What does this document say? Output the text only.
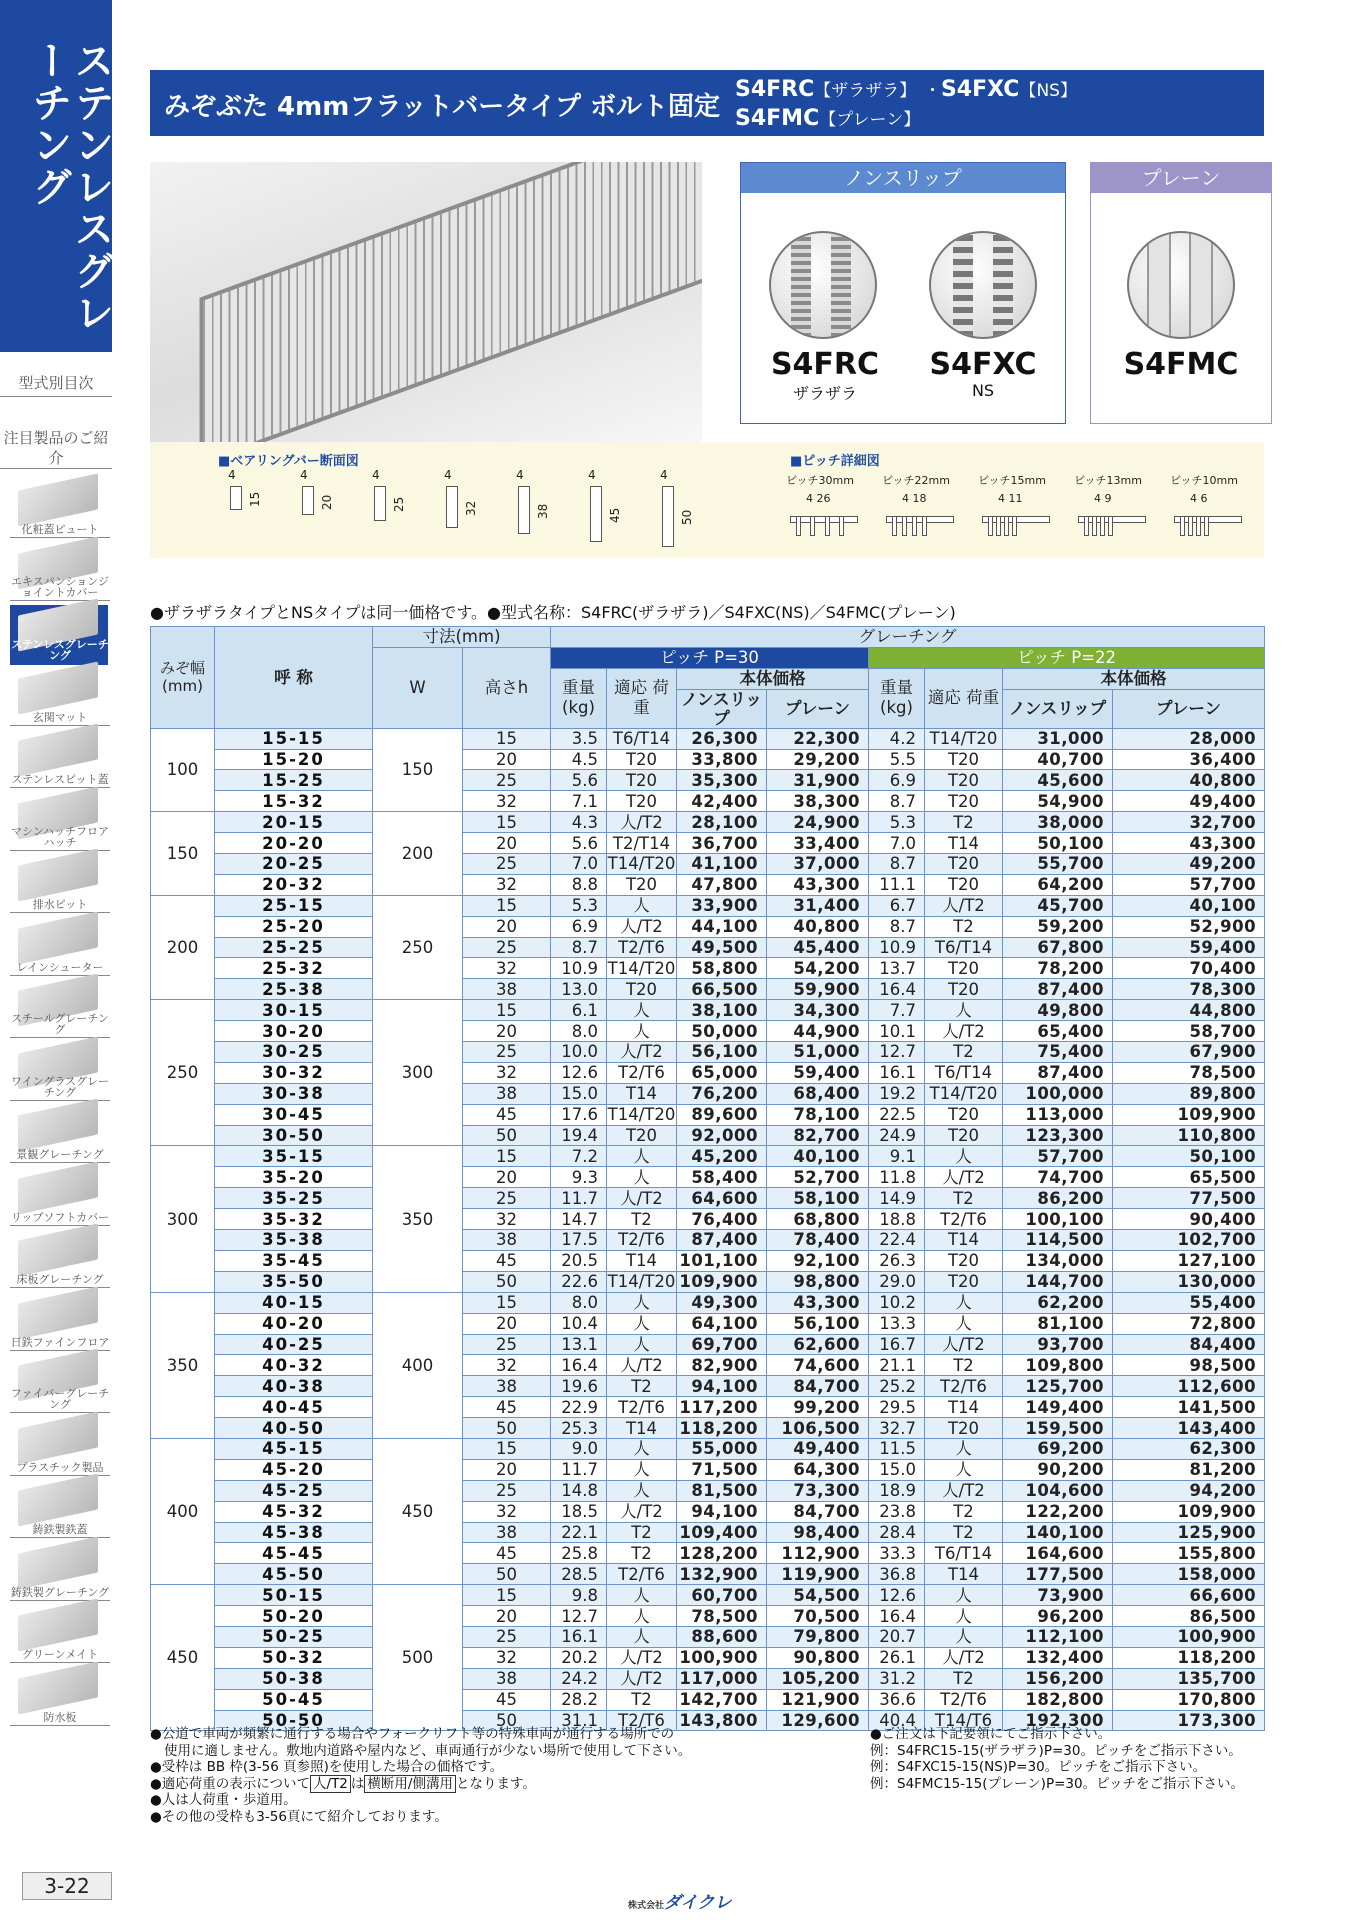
ステンレスグレーチング
型式別目次
注目製品のご紹介
化粧蓋ピュート
エキスパンションジョイントカバー
ステンレスグレーチング
玄関マット
ステンレスピット蓋
マシンハッチフロアハッチ
排水ピット
レインシューター
スチールグレーチング
ワイングラスグレーチング
景観グレーチング
リップソフトカバー
床板グレーチング
日鉄ファインフロア
ファイバーグレーチング
プラスチック製品
鋳鉄製鉄蓋
鋳鉄製グレーチング
グリーンメイト
防水板
3-22
みぞぶた 4mmフラットバータイプ ボルト固定
S4FRC【ザラザラ】 ・S4FXC【NS】
S4FMC【プレーン】
ノンスリップ
S4FRC
ザラザラ
S4FXC
NS
プレーン
S4FMC
■ベアリングバー断面図
4
15
4
20
4
25
4
32
4
38
4
45
4
50
■ピッチ詳細図
ピッチ30mm
4 26
ピッチ22mm
4 18
ピッチ15mm
4 11
ピッチ13mm
4 9
ピッチ10mm
4 6
●ザラザラタイプとNSタイプは同一価格です。●型式名称：S4FRC(ザラザラ)／S4FXC(NS)／S4FMC(プレーン)
みぞ幅 (mm)	呼 称	寸法(mm)		グレーチング							
		W	高さh	ピッチ P=30				ピッチ P=22			
				重量 (kg)	適応 荷重	本体価格		重量 (kg)	適応 荷重	本体価格	
						ノンスリップ	プレーン			ノンスリップ	プレーン
100	15-15	150	15	3.5	T6/T14	26,300	22,300	4.2	T14/T20	31,000	28,000
	15-20		20	4.5	T20	33,800	29,200	5.5	T20	40,700	36,400
	15-25		25	5.6	T20	35,300	31,900	6.9	T20	45,600	40,800
	15-32		32	7.1	T20	42,400	38,300	8.7	T20	54,900	49,400
150	20-15	200	15	4.3	人/T2	28,100	24,900	5.3	T2	38,000	32,700
	20-20		20	5.6	T2/T14	36,700	33,400	7.0	T14	50,100	43,300
	20-25		25	7.0	T14/T20	41,100	37,000	8.7	T20	55,700	49,200
	20-32		32	8.8	T20	47,800	43,300	11.1	T20	64,200	57,700
200	25-15	250	15	5.3	人	33,900	31,400	6.7	人/T2	45,700	40,100
	25-20		20	6.9	人/T2	44,100	40,800	8.7	T2	59,200	52,900
	25-25		25	8.7	T2/T6	49,500	45,400	10.9	T6/T14	67,800	59,400
	25-32		32	10.9	T14/T20	58,800	54,200	13.7	T20	78,200	70,400
	25-38		38	13.0	T20	66,500	59,900	16.4	T20	87,400	78,300
250	30-15	300	15	6.1	人	38,100	34,300	7.7	人	49,800	44,800
	30-20		20	8.0	人	50,000	44,900	10.1	人/T2	65,400	58,700
	30-25		25	10.0	人/T2	56,100	51,000	12.7	T2	75,400	67,900
	30-32		32	12.6	T2/T6	65,000	59,400	16.1	T6/T14	87,400	78,500
	30-38		38	15.0	T14	76,200	68,400	19.2	T14/T20	100,000	89,800
	30-45		45	17.6	T14/T20	89,600	78,100	22.5	T20	113,000	109,900
	30-50		50	19.4	T20	92,000	82,700	24.9	T20	123,300	110,800
300	35-15	350	15	7.2	人	45,200	40,100	9.1	人	57,700	50,100
	35-20		20	9.3	人	58,400	52,700	11.8	人/T2	74,700	65,500
	35-25		25	11.7	人/T2	64,600	58,100	14.9	T2	86,200	77,500
	35-32		32	14.7	T2	76,400	68,800	18.8	T2/T6	100,100	90,400
	35-38		38	17.5	T2/T6	87,400	78,400	22.4	T14	114,500	102,700
	35-45		45	20.5	T14	101,100	92,100	26.3	T20	134,000	127,100
	35-50		50	22.6	T14/T20	109,900	98,800	29.0	T20	144,700	130,000
350	40-15	400	15	8.0	人	49,300	43,300	10.2	人	62,200	55,400
	40-20		20	10.4	人	64,100	56,100	13.3	人	81,100	72,800
	40-25		25	13.1	人	69,700	62,600	16.7	人/T2	93,700	84,400
	40-32		32	16.4	人/T2	82,900	74,600	21.1	T2	109,800	98,500
	40-38		38	19.6	T2	94,100	84,700	25.2	T2/T6	125,700	112,600
	40-45		45	22.9	T2/T6	117,200	99,200	29.5	T14	149,400	141,500
	40-50		50	25.3	T14	118,200	106,500	32.7	T20	159,500	143,400
400	45-15	450	15	9.0	人	55,000	49,400	11.5	人	69,200	62,300
	45-20		20	11.7	人	71,500	64,300	15.0	人	90,200	81,200
	45-25		25	14.8	人	81,500	73,300	18.9	人/T2	104,600	94,200
	45-32		32	18.5	人/T2	94,100	84,700	23.8	T2	122,200	109,900
	45-38		38	22.1	T2	109,400	98,400	28.4	T2	140,100	125,900
	45-45		45	25.8	T2	128,200	112,900	33.3	T6/T14	164,600	155,800
	45-50		50	28.5	T2/T6	132,900	119,900	36.8	T14	177,500	158,000
450	50-15	500	15	9.8	人	60,700	54,500	12.6	人	73,900	66,600
	50-20		20	12.7	人	78,500	70,500	16.4	人	96,200	86,500
	50-25		25	16.1	人	88,600	79,800	20.7	人	112,100	100,900
	50-32		32	20.2	人/T2	100,900	90,800	26.1	人/T2	132,400	118,200
	50-38		38	24.2	人/T2	117,000	105,200	31.2	T2	156,200	135,700
	50-45		45	28.2	T2	142,700	121,900	36.6	T2/T6	182,800	170,800
	50-50		50	31.1	T2/T6	143,800	129,600	40.4	T14/T6	192,300	173,300
●公道で車両が頻繁に通行する場合やフォークリフト等の特殊車両が通行する場所での
使用に適しません。敷地内道路や屋内など、車両通行が少ない場所で使用して下さい。
●受枠は BB 枠(3-56 頁参照)を使用した場合の価格です。
●適応荷重の表示について 人/T2 は 横断用/側溝用 となります。
●人は人荷重・歩道用。
●その他の受枠も3-56頁にて紹介しております。
●ご注文は下記要領にてご指示下さい。
例：S4FRC15-15(ザラザラ)P=30。ピッチをご指示下さい。
例：S4FXC15-15(NS)P=30。ピッチをご指示下さい。
例：S4FMC15-15(プレーン)P=30。ピッチをご指示下さい。
株式会社ダイクレ
